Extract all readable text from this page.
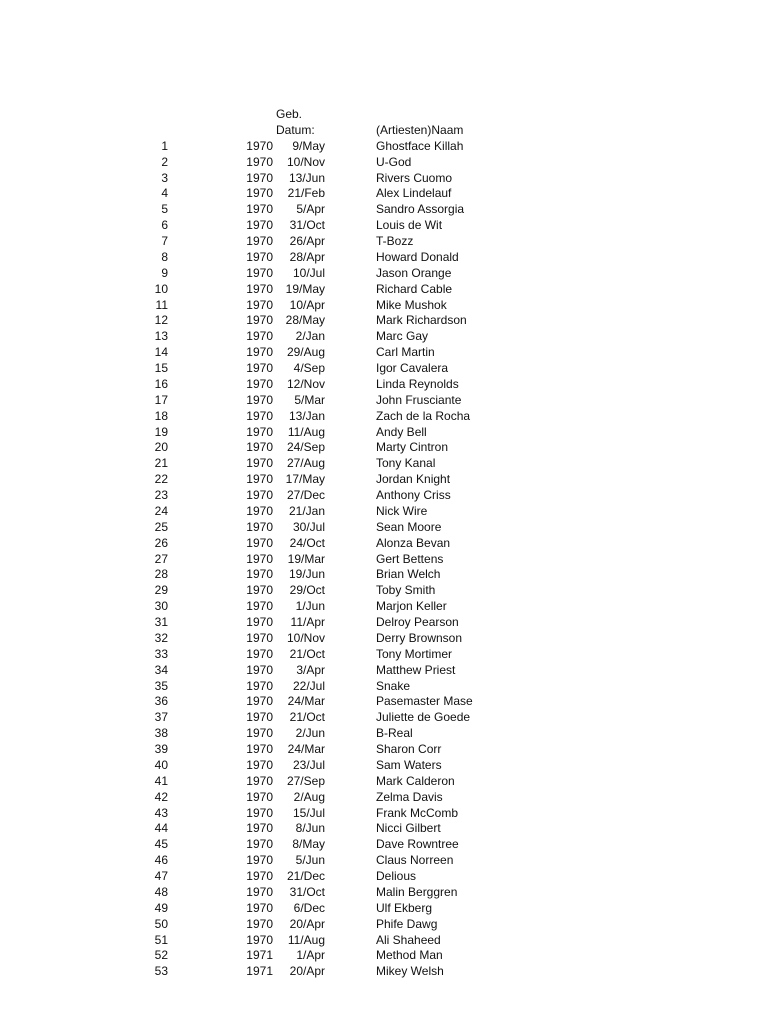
Geb.
Datum:	(Artiesten)Naam
1	1970	9/May	Ghostface Killah
2	1970	10/Nov	U-God
3	1970	13/Jun	Rivers Cuomo
4	1970	21/Feb	Alex Lindelauf
5	1970	5/Apr	Sandro Assorgia
6	1970	31/Oct	Louis de Wit
7	1970	26/Apr	T-Bozz
8	1970	28/Apr	Howard Donald
9	1970	10/Jul	Jason Orange
10	1970	19/May	Richard Cable
11	1970	10/Apr	Mike Mushok
12	1970	28/May	Mark Richardson
13	1970	2/Jan	Marc Gay
14	1970	29/Aug	Carl Martin
15	1970	4/Sep	Igor Cavalera
16	1970	12/Nov	Linda Reynolds
17	1970	5/Mar	John Frusciante
18	1970	13/Jan	Zach de la Rocha
19	1970	11/Aug	Andy Bell
20	1970	24/Sep	Marty Cintron
21	1970	27/Aug	Tony Kanal
22	1970	17/May	Jordan Knight
23	1970	27/Dec	Anthony Criss
24	1970	21/Jan	Nick Wire
25	1970	30/Jul	Sean Moore
26	1970	24/Oct	Alonza Bevan
27	1970	19/Mar	Gert Bettens
28	1970	19/Jun	Brian Welch
29	1970	29/Oct	Toby Smith
30	1970	1/Jun	Marjon Keller
31	1970	11/Apr	Delroy Pearson
32	1970	10/Nov	Derry Brownson
33	1970	21/Oct	Tony Mortimer
34	1970	3/Apr	Matthew Priest
35	1970	22/Jul	Snake
36	1970	24/Mar	Pasemaster Mase
37	1970	21/Oct	Juliette de Goede
38	1970	2/Jun	B-Real
39	1970	24/Mar	Sharon Corr
40	1970	23/Jul	Sam Waters
41	1970	27/Sep	Mark Calderon
42	1970	2/Aug	Zelma Davis
43	1970	15/Jul	Frank McComb
44	1970	8/Jun	Nicci Gilbert
45	1970	8/May	Dave Rowntree
46	1970	5/Jun	Claus Norreen
47	1970	21/Dec	Delious
48	1970	31/Oct	Malin Berggren
49	1970	6/Dec	Ulf Ekberg
50	1970	20/Apr	Phife Dawg
51	1970	11/Aug	Ali Shaheed
52	1971	1/Apr	Method Man
53	1971	20/Apr	Mikey Welsh
